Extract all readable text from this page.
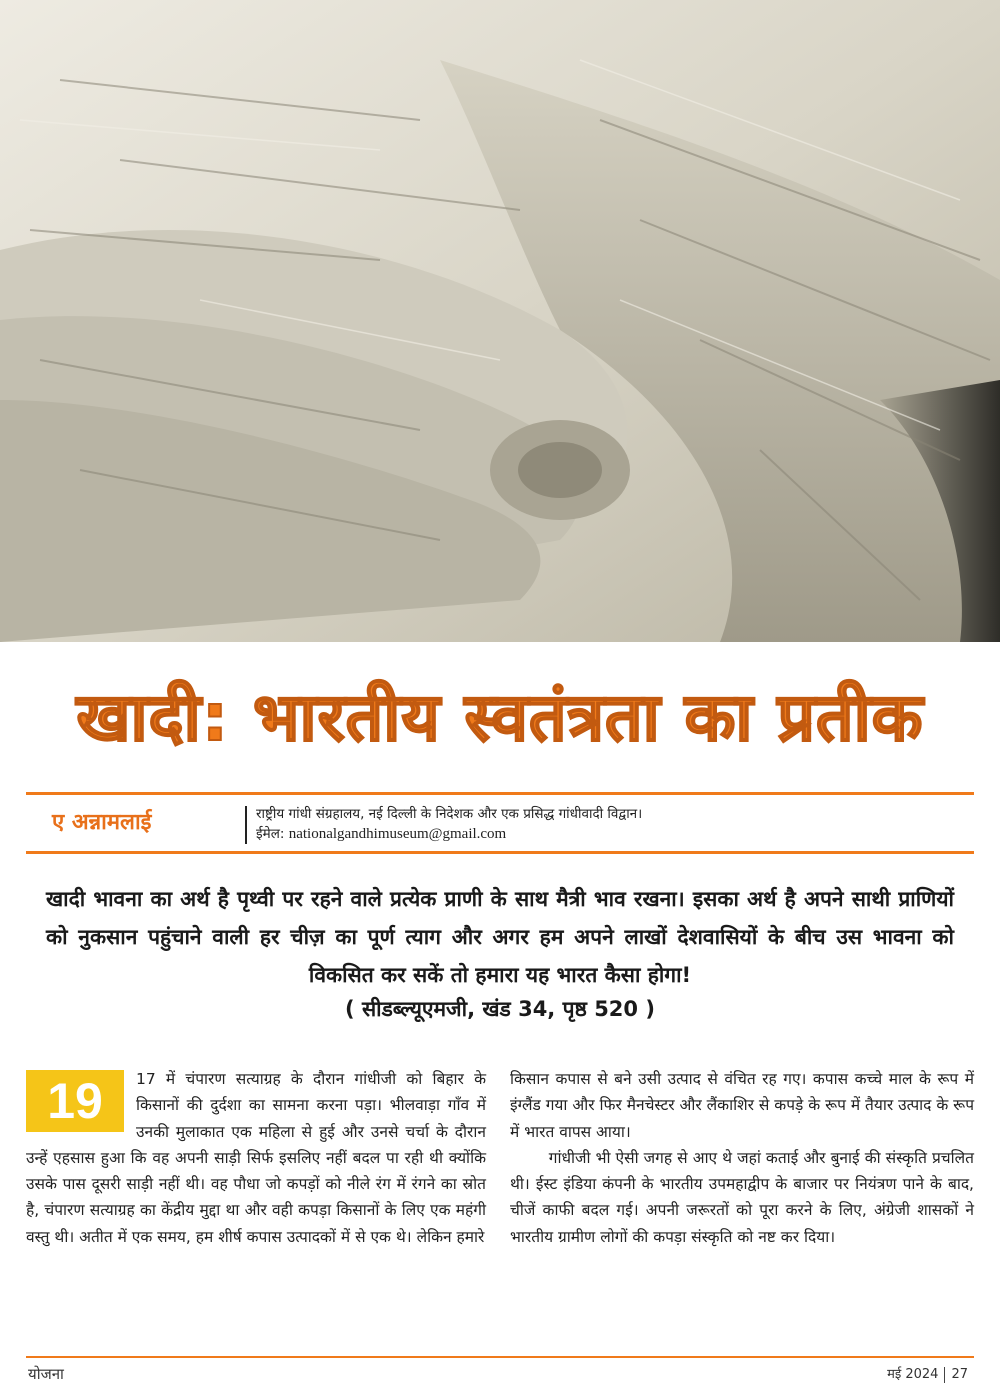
खादी: भारतीय स्वतंत्रता का प्रतीक
ए अन्नामलाई	राष्ट्रीय गांधी संग्रहालय, नई दिल्ली के निदेशक और एक प्रसिद्ध गांधीवादी विद्वान।
ईमेल: nationalgandhimuseum@gmail.com
खादी भावना का अर्थ है पृथ्वी पर रहने वाले प्रत्येक प्राणी के साथ मैत्री भाव रखना। इसका अर्थ है अपने साथी प्राणियों को नुकसान पहुंचाने वाली हर चीज़ का पूर्ण त्याग और अगर हम अपने लाखों देशवासियों के बीच उस भावना को विकसित कर सकें तो हमारा यह भारत कैसा होगा!
( सीडब्ल्यूएमजी, खंड 34, पृष्ठ 520 )
19	17 में चंपारण सत्याग्रह के दौरान गांधीजी को बिहार के किसानों की दुर्दशा का सामना करना पड़ा। भीलवाड़ा गाँव में उनकी मुलाकात एक महिला से हुई और उनसे चर्चा के दौरान उन्हें एहसास हुआ कि वह अपनी साड़ी सिर्फ इसलिए नहीं बदल पा रही थी क्योंकि उसके पास दूसरी साड़ी नहीं थी। वह पौधा जो कपड़ों को नीले रंग में रंगने का स्रोत है, चंपारण सत्याग्रह का केंद्रीय मुद्दा था और वही कपड़ा किसानों के लिए एक महंगी वस्तु थी। अतीत में एक समय, हम शीर्ष कपास उत्पादकों में से एक थे। लेकिन हमारे

किसान कपास से बने उसी उत्पाद से वंचित रह गए। कपास कच्चे माल के रूप में इंग्लैंड गया और फिर मैनचेस्टर और लैंकाशिर से कपड़े के रूप में तैयार उत्पाद के रूप में भारत वापस आया।

गांधीजी भी ऐसी जगह से आए थे जहां कताई और बुनाई की संस्कृति प्रचलित थी। ईस्ट इंडिया कंपनी के भारतीय उपमहाद्वीप के बाजार पर नियंत्रण पाने के बाद, चीजें काफी बदल गई। अपनी जरूरतों को पूरा करने के लिए, अंग्रेजी शासकों ने भारतीय ग्रामीण लोगों की कपड़ा संस्कृति को नष्ट कर दिया।

योजना	मई 2024 27
